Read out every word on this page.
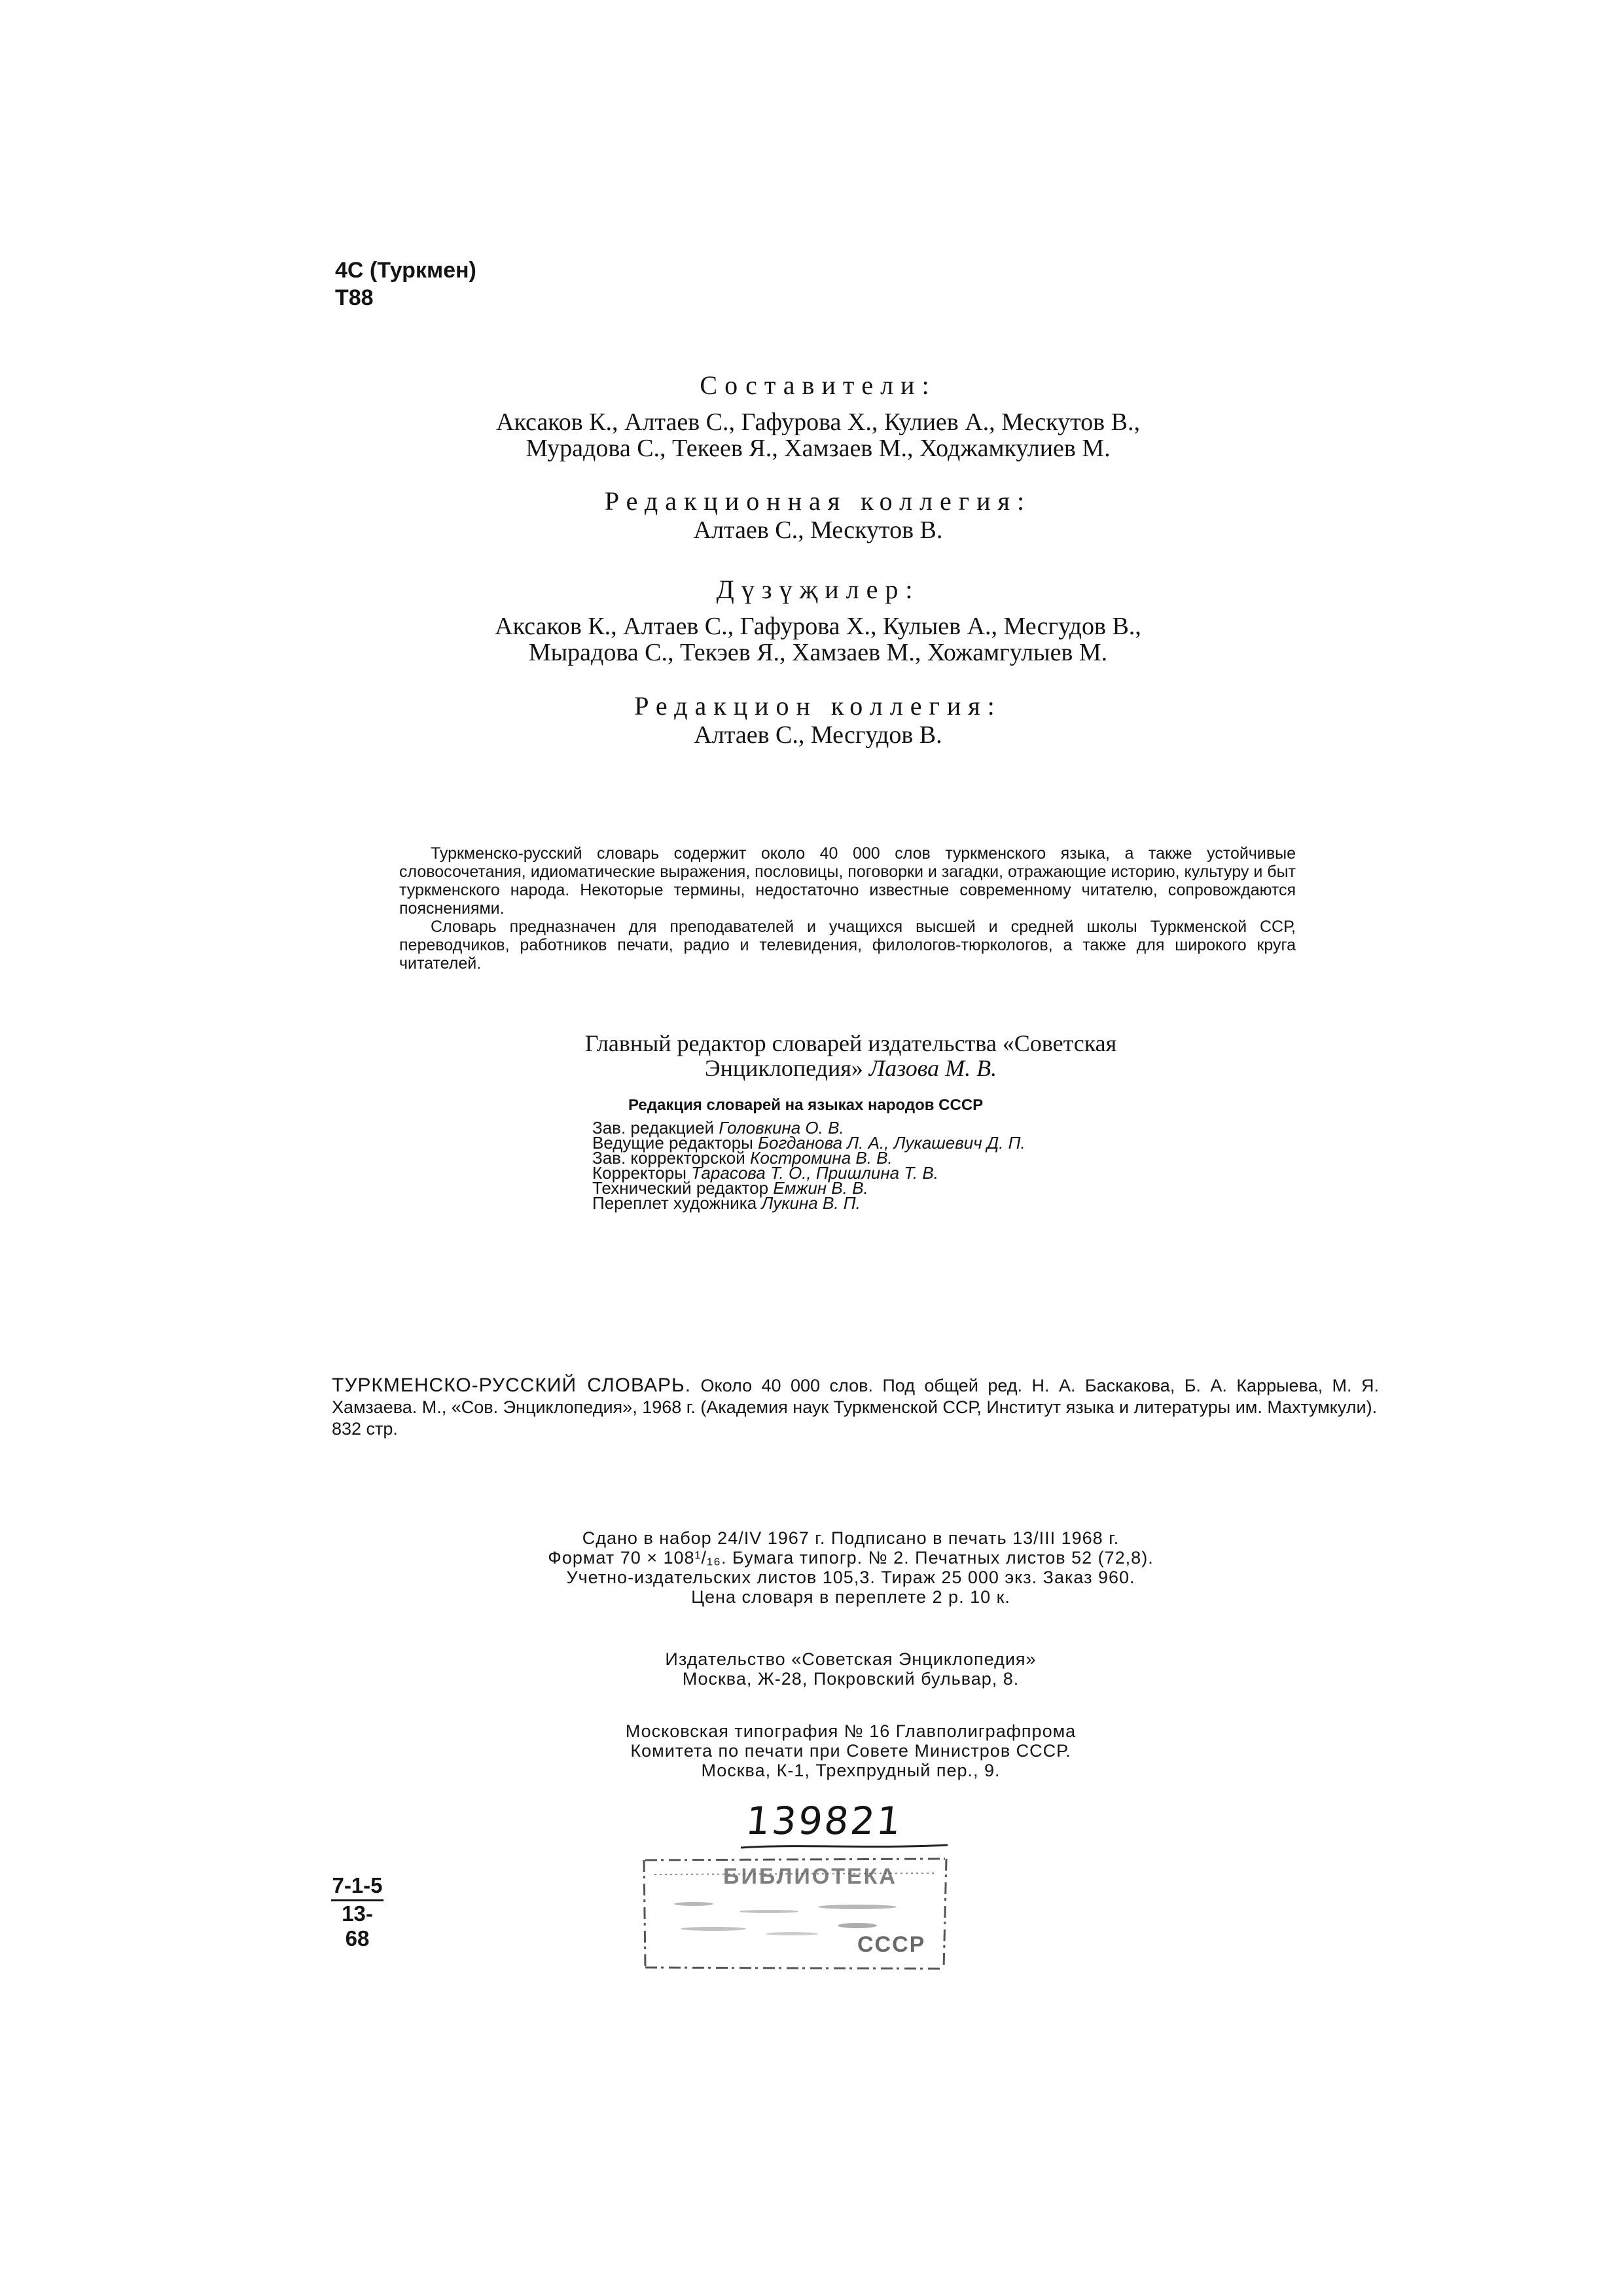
4С (Туркмен)
Т88
Составители:
Аксаков К., Алтаев С., Гафурова Х., Кулиев А., Мескутов В.,
Мурадова С., Текеев Я., Хамзаев М., Ходжамкулиев М.
Редакционная коллегия:
Алтаев С., Мескутов В.
Дүзүҗилер:
Аксаков К., Алтаев С., Гафурова Х., Кулыев А., Месгудов В.,
Мырадова С., Текэев Я., Хамзаев М., Хожамгулыев М.
Редакцион коллегия:
Алтаев С., Месгудов В.

Туркменско-русский словарь содержит около 40 000 слов туркменского языка, а также устойчивые словосочетания, идиоматические выражения, пословицы, поговорки и загадки, отражающие историю, культуру и быт туркменского народа. Некоторые термины, недостаточно известные современному читателю, сопровождаются пояснениями.

Словарь предназначен для преподавателей и учащихся высшей и средней школы Туркменской ССР, переводчиков, работников печати, радио и телевидения, филологов-тюркологов, а также для широкого круга читателей.

Главный редактор словарей издательства «Советская
Энциклопедия» Лазова М. В.
Редакция словарей на языках народов СССР
Зав. редакцией Головкина О. В.
Ведущие редакторы Богданова Л. А., Лукашевич Д. П.
Зав. корректорской Костромина В. В.
Корректоры Тарасова Т. О., Пришлина Т. В.
Технический редактор Емжин В. В.
Переплет художника Лукина В. П.
ТУРКМЕНСКО-РУССКИЙ СЛОВАРЬ. Около 40 000 слов. Под общей ред. Н. А. Баскакова, Б. А. Каррыева, М. Я. Хамзаева. М., «Сов. Энциклопедия», 1968 г. (Академия наук Туркменской ССР, Институт языка и литературы им. Махтумкули).
832 стр.
Сдано в набор 24/IV 1967 г. Подписано в печать 13/III 1968 г.
Формат 70 × 108¹/₁₆. Бумага типогр. № 2. Печатных листов 52 (72,8).
Учетно-издательских листов 105,3. Тираж 25 000 экз. Заказ 960.
Цена словаря в переплете 2 р. 10 к.
Издательство «Советская Энциклопедия»
Москва, Ж-28, Покровский бульвар, 8.
Московская типография № 16 Главполиграфпрома
Комитета по печати при Совете Министров СССР.
Москва, К-1, Трехпрудный пер., 9.
139821
БИБЛИОТЕКА
СССР
7-1-5
13-68
